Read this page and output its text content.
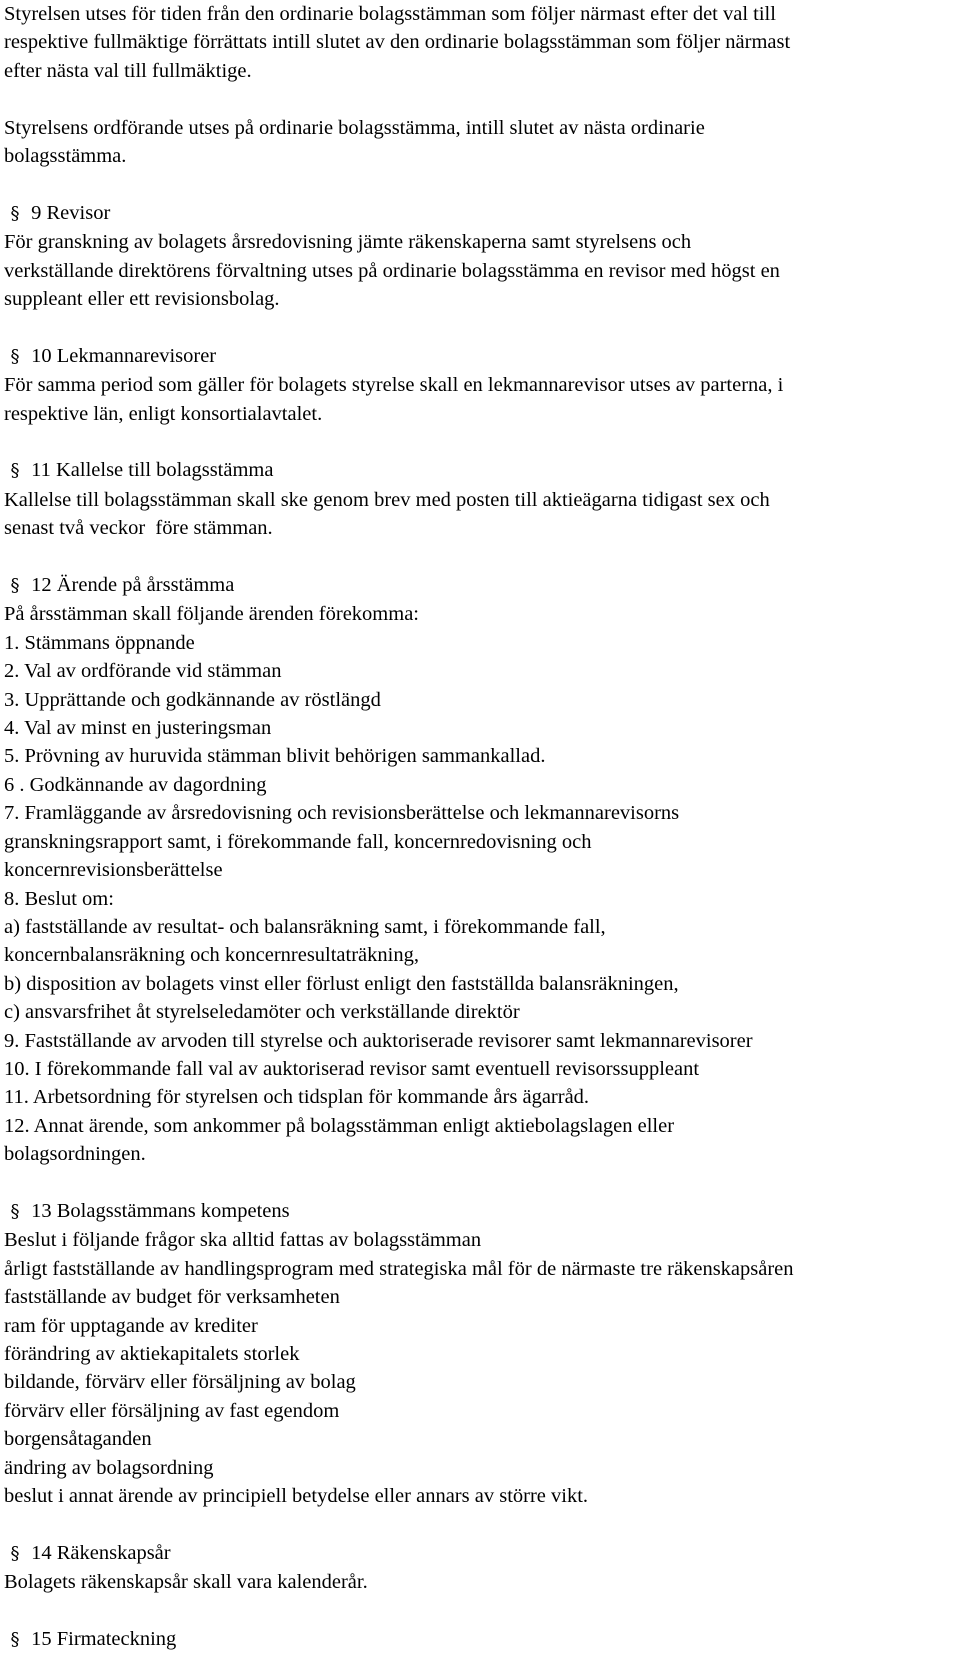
Styrelsen utses för tiden från den ordinarie bolagsstämman som följer närmast efter det val till
respektive fullmäktige förrättats intill slutet av den ordinarie bolagsstämman som följer närmast
efter nästa val till fullmäktige.
Styrelsens ordförande utses på ordinarie bolagsstämma, intill slutet av nästa ordinarie
bolagsstämma.
§ 9 Revisor
För granskning av bolagets årsredovisning jämte räkenskaperna samt styrelsens och
verkställande direktörens förvaltning utses på ordinarie bolagsstämma en revisor med högst en
suppleant eller ett revisionsbolag.
§ 10 Lekmannarevisorer
För samma period som gäller för bolagets styrelse skall en lekmannarevisor utses av parterna, i
respektive län, enligt konsortialavtalet.
§ 11 Kallelse till bolagsstämma
Kallelse till bolagsstämman skall ske genom brev med posten till aktieägarna tidigast sex och
senast två veckor  före stämman.
§ 12 Ärende på årsstämma
På årsstämman skall följande ärenden förekomma:
1. Stämmans öppnande
2. Val av ordförande vid stämman
3. Upprättande och godkännande av röstlängd
4. Val av minst en justeringsman
5. Prövning av huruvida stämman blivit behörigen sammankallad.
6 . Godkännande av dagordning
7. Framläggande av årsredovisning och revisionsberättelse och lekmannarevisorns
granskningsrapport samt, i förekommande fall, koncernredovisning och
koncernrevisionsberättelse
8. Beslut om:
a) fastställande av resultat- och balansräkning samt, i förekommande fall,
koncernbalansräkning och koncernresultaträkning,
b) disposition av bolagets vinst eller förlust enligt den fastställda balansräkningen,
c) ansvarsfrihet åt styrelseledamöter och verkställande direktör
9. Fastställande av arvoden till styrelse och auktoriserade revisorer samt lekmannarevisorer
10. I förekommande fall val av auktoriserad revisor samt eventuell revisorssuppleant
11. Arbetsordning för styrelsen och tidsplan för kommande års ägarråd.
12. Annat ärende, som ankommer på bolagsstämman enligt aktiebolagslagen eller
bolagsordningen.
§ 13 Bolagsstämmans kompetens
Beslut i följande frågor ska alltid fattas av bolagsstämman
årligt fastställande av handlingsprogram med strategiska mål för de närmaste tre räkenskapsåren
fastställande av budget för verksamheten
ram för upptagande av krediter
förändring av aktiekapitalets storlek
bildande, förvärv eller försäljning av bolag
förvärv eller försäljning av fast egendom
borgensåtaganden
ändring av bolagsordning
beslut i annat ärende av principiell betydelse eller annars av större vikt.
§ 14 Räkenskapsår
Bolagets räkenskapsår skall vara kalenderår.
§ 15 Firmateckning
